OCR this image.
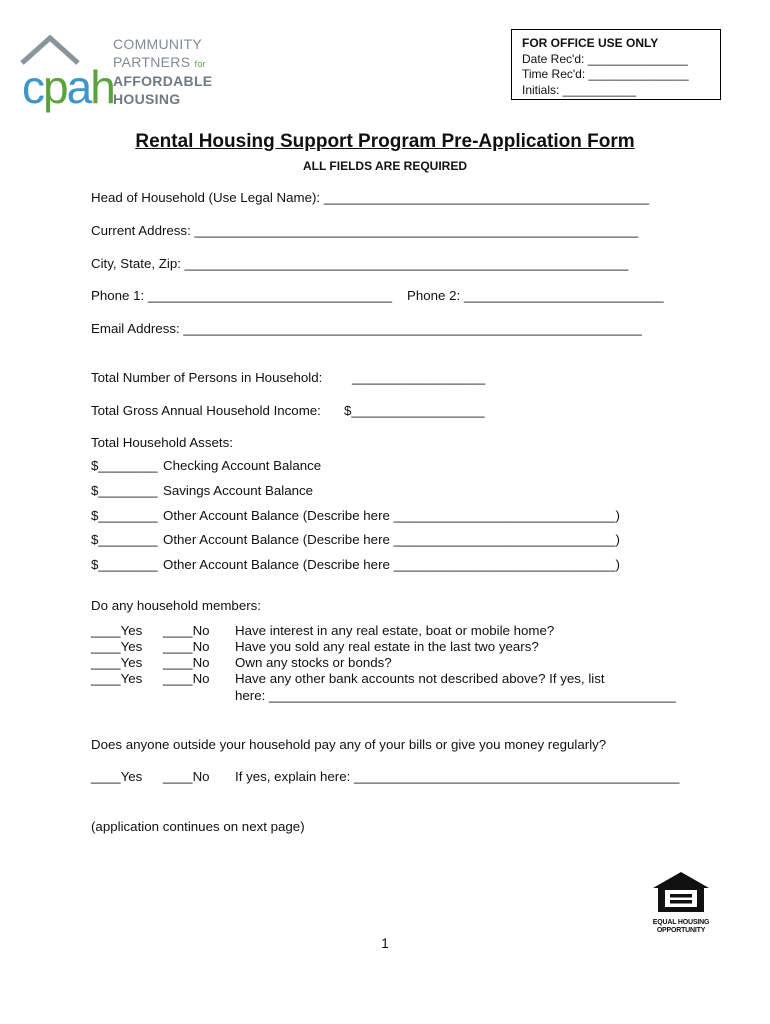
cpah
COMMUNITY
PARTNERS for
AFFORDABLE
HOUSING
FOR OFFICE USE ONLY
Date Rec'd: _______________
Time Rec'd: _______________
Initials: ___________
Rental Housing Support Program Pre-Application Form
ALL FIELDS ARE REQUIRED
Head of Household (Use Legal Name): ____________________________________________
Current Address: ____________________________________________________________
City, State, Zip: ____________________________________________________________
Phone 1: _________________________________ Phone 2: ___________________________
Email Address: ______________________________________________________________
Total Number of Persons in Household: __________________
Total Gross Annual Household Income: $__________________
Total Household Assets:
$________ Checking Account Balance
$________ Savings Account Balance
$________ Other Account Balance (Describe here ______________________________)
$________ Other Account Balance (Describe here ______________________________)
$________ Other Account Balance (Describe here ______________________________)
Do any household members:
____Yes ____No Have interest in any real estate, boat or mobile home?
____Yes ____No Have you sold any real estate in the last two years?
____Yes ____No Own any stocks or bonds?
____Yes ____No Have any other bank accounts not described above? If yes, list
here: _______________________________________________________
Does anyone outside your household pay any of your bills or give you money regularly?
____Yes ____No If yes, explain here: ____________________________________________
(application continues on next page)
EQUAL HOUSING
OPPORTUNITY
1
